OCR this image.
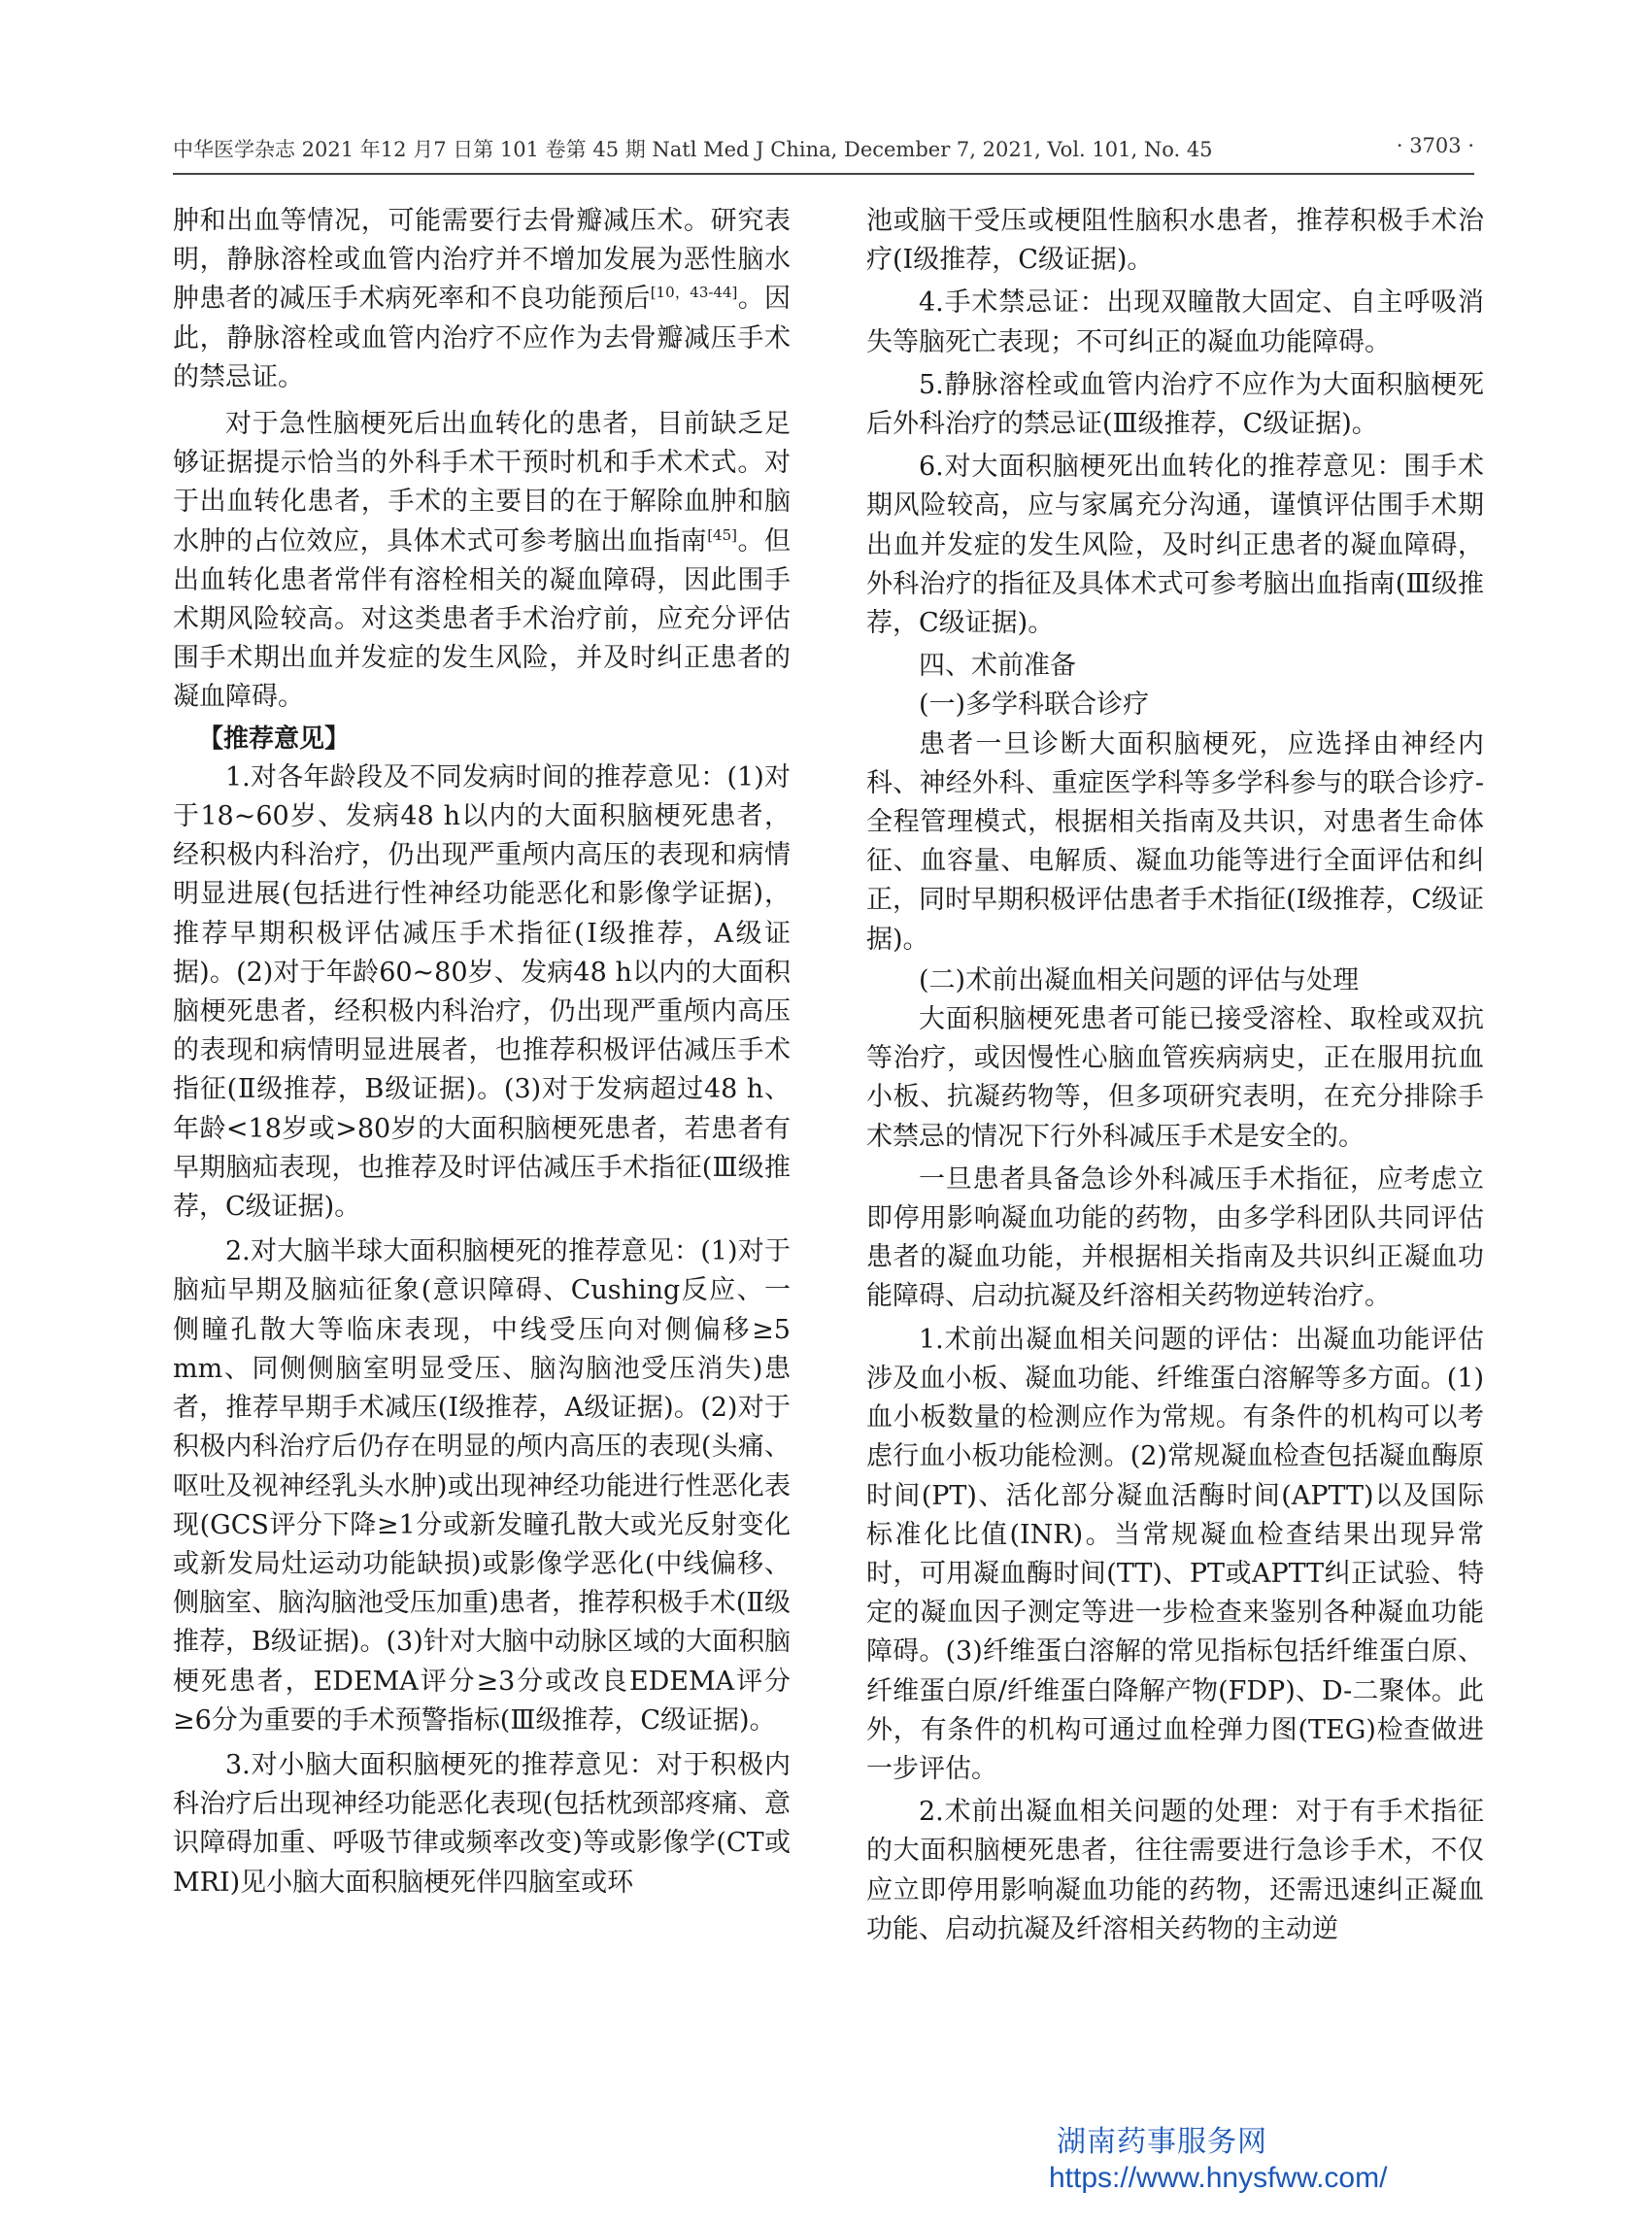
中华医学杂志 2021 年12 月7 日第 101 卷第 45 期 Natl Med J China, December 7, 2021, Vol. 101, No. 45	· 3703 ·

肿和出血等情况，可能需要行去骨瓣减压术。研究表明，静脉溶栓或血管内治疗并不增加发展为恶性脑水肿患者的减压手术病死率和不良功能预后[10，43-44]。因此，静脉溶栓或血管内治疗不应作为去骨瓣减压手术的禁忌证。

对于急性脑梗死后出血转化的患者，目前缺乏足够证据提示恰当的外科手术干预时机和手术术式。对于出血转化患者，手术的主要目的在于解除血肿和脑水肿的占位效应，具体术式可参考脑出血指南[45]。但出血转化患者常伴有溶栓相关的凝血障碍，因此围手术期风险较高。对这类患者手术治疗前，应充分评估围手术期出血并发症的发生风险，并及时纠正患者的凝血障碍。

【推荐意见】

1.对各年龄段及不同发病时间的推荐意见：(1)对于18~60岁、发病48 h以内的大面积脑梗死患者，经积极内科治疗，仍出现严重颅内高压的表现和病情明显进展(包括进行性神经功能恶化和影像学证据)，推荐早期积极评估减压手术指征(Ⅰ级推荐，A级证据)。(2)对于年龄60~80岁、发病48 h以内的大面积脑梗死患者，经积极内科治疗，仍出现严重颅内高压的表现和病情明显进展者，也推荐积极评估减压手术指征(Ⅱ级推荐，B级证据)。(3)对于发病超过48 h、年龄<18岁或>80岁的大面积脑梗死患者，若患者有早期脑疝表现，也推荐及时评估减压手术指征(Ⅲ级推荐，C级证据)。

2.对大脑半球大面积脑梗死的推荐意见：(1)对于脑疝早期及脑疝征象(意识障碍、Cushing反应、一侧瞳孔散大等临床表现，中线受压向对侧偏移≥5 mm、同侧侧脑室明显受压、脑沟脑池受压消失)患者，推荐早期手术减压(Ⅰ级推荐，A级证据)。(2)对于积极内科治疗后仍存在明显的颅内高压的表现(头痛、呕吐及视神经乳头水肿)或出现神经功能进行性恶化表现(GCS评分下降≥1分或新发瞳孔散大或光反射变化或新发局灶运动功能缺损)或影像学恶化(中线偏移、侧脑室、脑沟脑池受压加重)患者，推荐积极手术(Ⅱ级推荐，B级证据)。(3)针对大脑中动脉区域的大面积脑梗死患者，EDEMA评分≥3分或改良EDEMA评分≥6分为重要的手术预警指标(Ⅲ级推荐，C级证据)。

3.对小脑大面积脑梗死的推荐意见：对于积极内科治疗后出现神经功能恶化表现(包括枕颈部疼痛、意识障碍加重、呼吸节律或频率改变)等或影像学(CT或MRI)见小脑大面积脑梗死伴四脑室或环

池或脑干受压或梗阻性脑积水患者，推荐积极手术治疗(Ⅰ级推荐，C级证据)。

4.手术禁忌证：出现双瞳散大固定、自主呼吸消失等脑死亡表现；不可纠正的凝血功能障碍。

5.静脉溶栓或血管内治疗不应作为大面积脑梗死后外科治疗的禁忌证(Ⅲ级推荐，C级证据)。

6.对大面积脑梗死出血转化的推荐意见：围手术期风险较高，应与家属充分沟通，谨慎评估围手术期出血并发症的发生风险，及时纠正患者的凝血障碍，外科治疗的指征及具体术式可参考脑出血指南(Ⅲ级推荐，C级证据)。

四、术前准备

(一)多学科联合诊疗

患者一旦诊断大面积脑梗死，应选择由神经内科、神经外科、重症医学科等多学科参与的联合诊疗-全程管理模式，根据相关指南及共识，对患者生命体征、血容量、电解质、凝血功能等进行全面评估和纠正，同时早期积极评估患者手术指征(Ⅰ级推荐，C级证据)。

(二)术前出凝血相关问题的评估与处理

大面积脑梗死患者可能已接受溶栓、取栓或双抗等治疗，或因慢性心脑血管疾病病史，正在服用抗血小板、抗凝药物等，但多项研究表明，在充分排除手术禁忌的情况下行外科减压手术是安全的。

一旦患者具备急诊外科减压手术指征，应考虑立即停用影响凝血功能的药物，由多学科团队共同评估患者的凝血功能，并根据相关指南及共识纠正凝血功能障碍、启动抗凝及纤溶相关药物逆转治疗。

1.术前出凝血相关问题的评估：出凝血功能评估涉及血小板、凝血功能、纤维蛋白溶解等多方面。(1)血小板数量的检测应作为常规。有条件的机构可以考虑行血小板功能检测。(2)常规凝血检查包括凝血酶原时间(PT)、活化部分凝血活酶时间(APTT)以及国际标准化比值(INR)。当常规凝血检查结果出现异常时，可用凝血酶时间(TT)、PT或APTT纠正试验、特定的凝血因子测定等进一步检查来鉴别各种凝血功能障碍。(3)纤维蛋白溶解的常见指标包括纤维蛋白原、纤维蛋白原/纤维蛋白降解产物(FDP)、D-二聚体。此外，有条件的机构可通过血栓弹力图(TEG)检查做进一步评估。

2.术前出凝血相关问题的处理：对于有手术指征的大面积脑梗死患者，往往需要进行急诊手术，不仅应立即停用影响凝血功能的药物，还需迅速纠正凝血功能、启动抗凝及纤溶相关药物的主动逆

湖南药事服务网
https://www.hnysfww.com/
